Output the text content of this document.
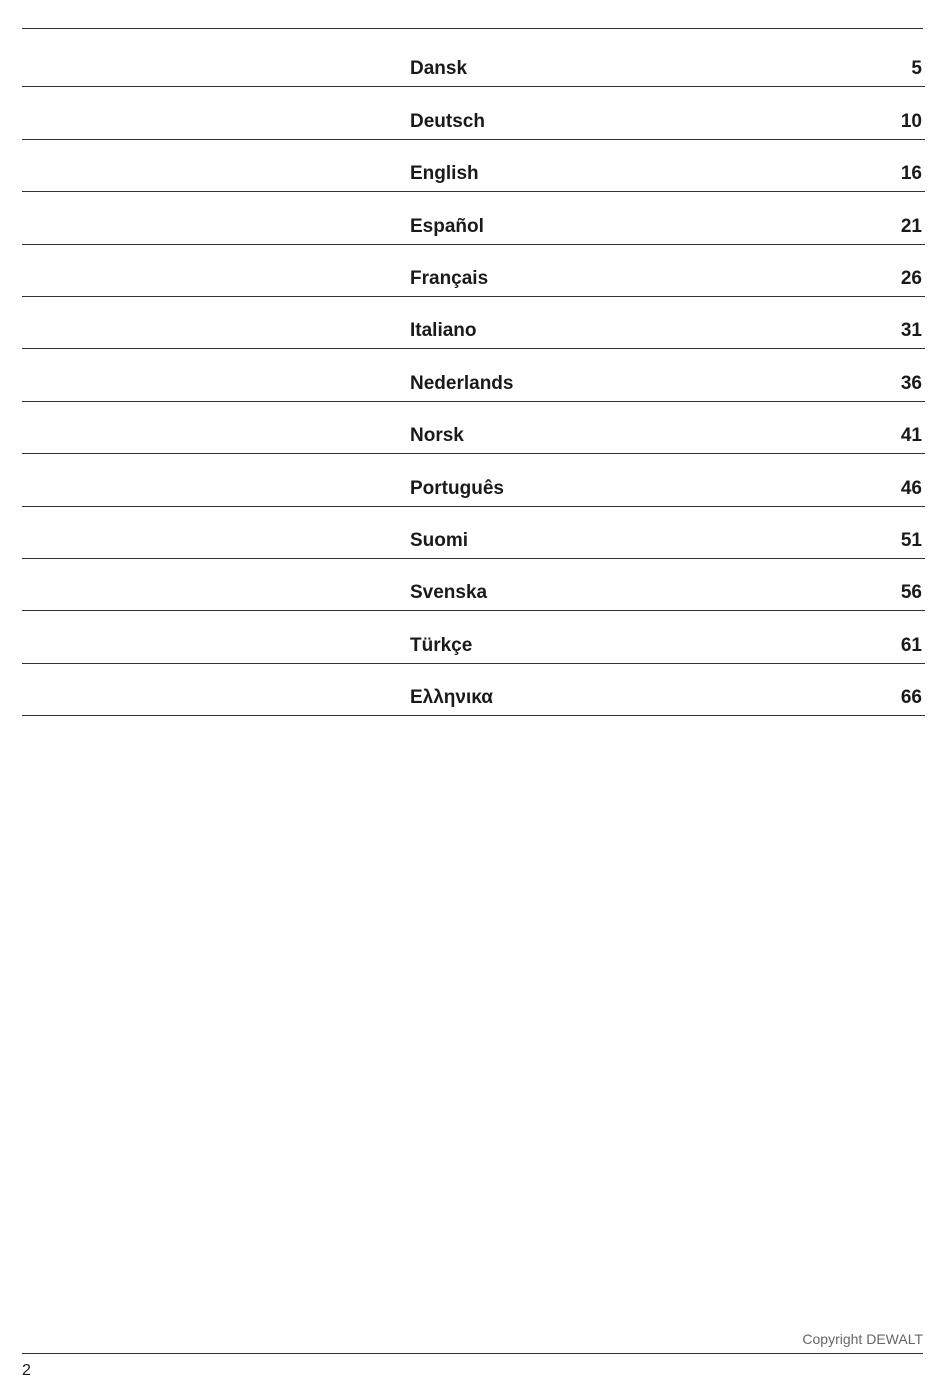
Dansk	5
Deutsch	10
English	16
Español	21
Français	26
Italiano	31
Nederlands	36
Norsk	41
Português	46
Suomi	51
Svenska	56
Türkçe	61
Ελληνικα	66
Copyright DEWALT
2
